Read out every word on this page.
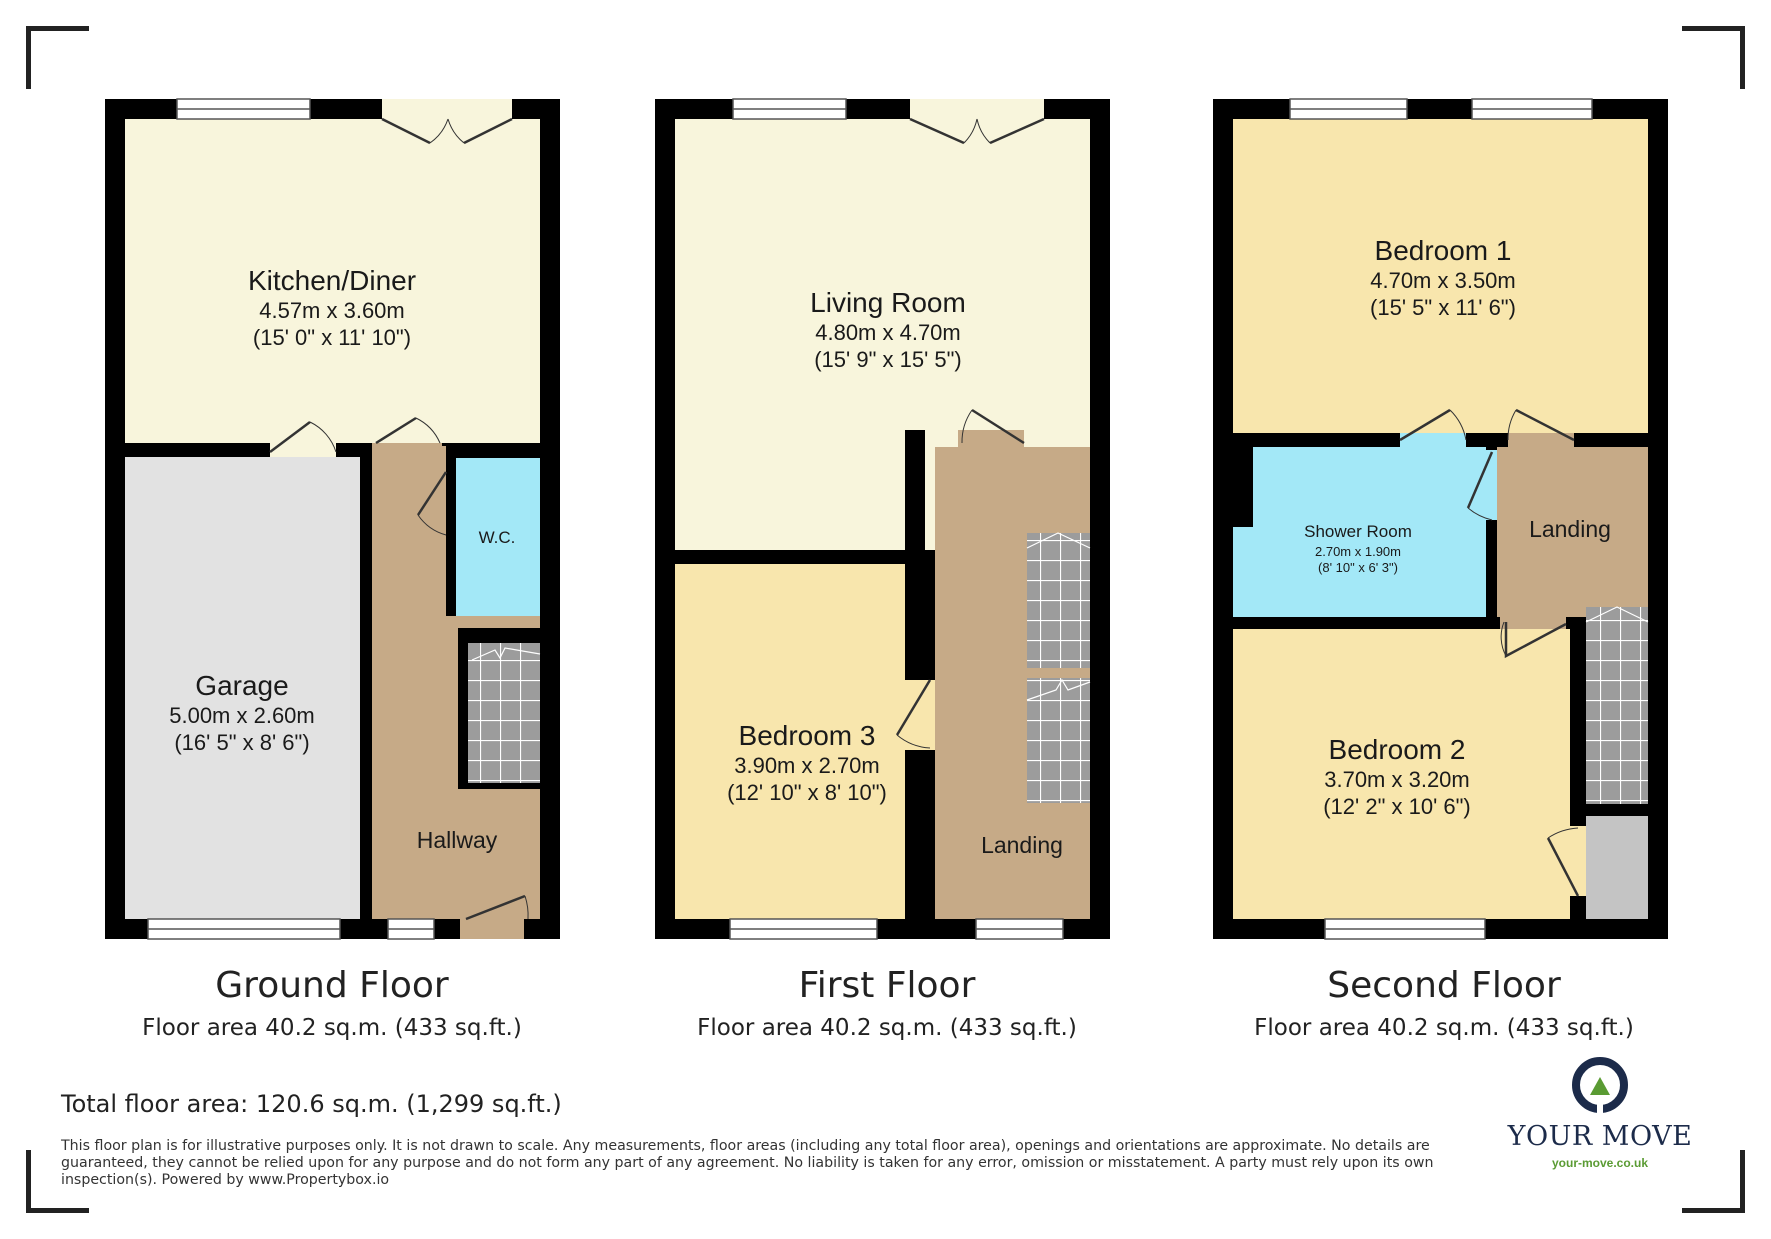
Kitchen/Diner
4.57m x 3.60m
(15' 0" x 11' 10")
Garage
5.00m x 2.60m
(16' 5" x 8' 6")
W.C.
Hallway
Living Room
4.80m x 4.70m
(15' 9" x 15' 5")
Bedroom 3
3.90m x 2.70m
(12' 10" x 8' 10")
Landing
Bedroom 1
4.70m x 3.50m
(15' 5" x 11' 6")
Shower Room
2.70m x 1.90m
(8' 10" x 6' 3")
Landing
Bedroom 2
3.70m x 3.20m
(12' 2" x 10' 6")
Ground Floor
Floor area 40.2 sq.m. (433 sq.ft.)
First Floor
Floor area 40.2 sq.m. (433 sq.ft.)
Second Floor
Floor area 40.2 sq.m. (433 sq.ft.)
Total floor area: 120.6 sq.m. (1,299 sq.ft.)
This floor plan is for illustrative purposes only. It is not drawn to scale. Any measurements, floor areas (including any total floor area), openings and orientations are approximate. No details are guaranteed, they cannot be relied upon for any purpose and do not form any part of any agreement. No liability is taken for any error, omission or misstatement. A party must rely upon its own inspection(s). Powered by www.Propertybox.io
YOUR MOVE
your-move.co.uk
